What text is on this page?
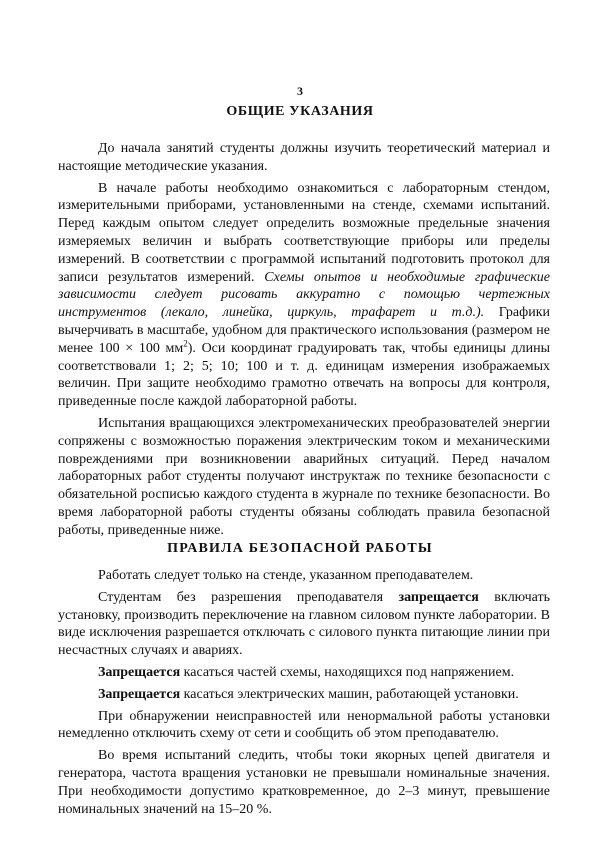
3
ОБЩИЕ УКАЗАНИЯ

До начала занятий студенты должны изучить теоретический материал и настоящие методические указания.

В начале работы необходимо ознакомиться с лабораторным стендом, измерительными приборами, установленными на стенде, схемами испытаний. Перед каждым опытом следует определить возможные предельные значения измеряемых величин и выбрать соответствующие приборы или пределы измерений. В соответствии с программой испытаний подготовить протокол для записи результатов измерений. Схемы опытов и необходимые графические зависимости следует рисовать аккуратно с помощью чертежных инструментов (лекало, линейка, циркуль, трафарет и т.д.). Графики вычерчивать в масштабе, удобном для практического использования (размером не менее 100 × 100 $мм^2$). Оси координат градуировать так, чтобы единицы длины соответствовали 1; 2; 5; 10; 100 и т. д. единицам измерения изображаемых величин. При защите необходимо грамотно отвечать на вопросы для контроля, приведенные после каждой лабораторной работы.

Испытания вращающихся электромеханических преобразователей энергии сопряжены с возможностью поражения электрическим током и механическими повреждениями при возникновении аварийных ситуаций. Перед началом лабораторных работ студенты получают инструктаж по технике безопасности с обязательной росписью каждого студента в журнале по технике безопасности. Во время лабораторной работы студенты обязаны соблюдать правила безопасной работы, приведенные ниже.

ПРАВИЛА БЕЗОПАСНОЙ РАБОТЫ

Работать следует только на стенде, указанном преподавателем.

Студентам без разрешения преподавателя запрещается включать установку, производить переключение на главном силовом пункте лаборатории. В виде исключения разрешается отключать с силового пункта питающие линии при несчастных случаях и авариях.

Запрещается касаться частей схемы, находящихся под напряжением.

Запрещается касаться электрических машин, работающей установки.

При обнаружении неисправностей или ненормальной работы установки немедленно отключить схему от сети и сообщить об этом преподавателю.

Во время испытаний следить, чтобы токи якорных цепей двигателя и генератора, частота вращения установки не превышали номинальные значения. При необходимости допустимо кратковременное, до 2–3 минут, превышение номинальных значений на 15–20 %.
